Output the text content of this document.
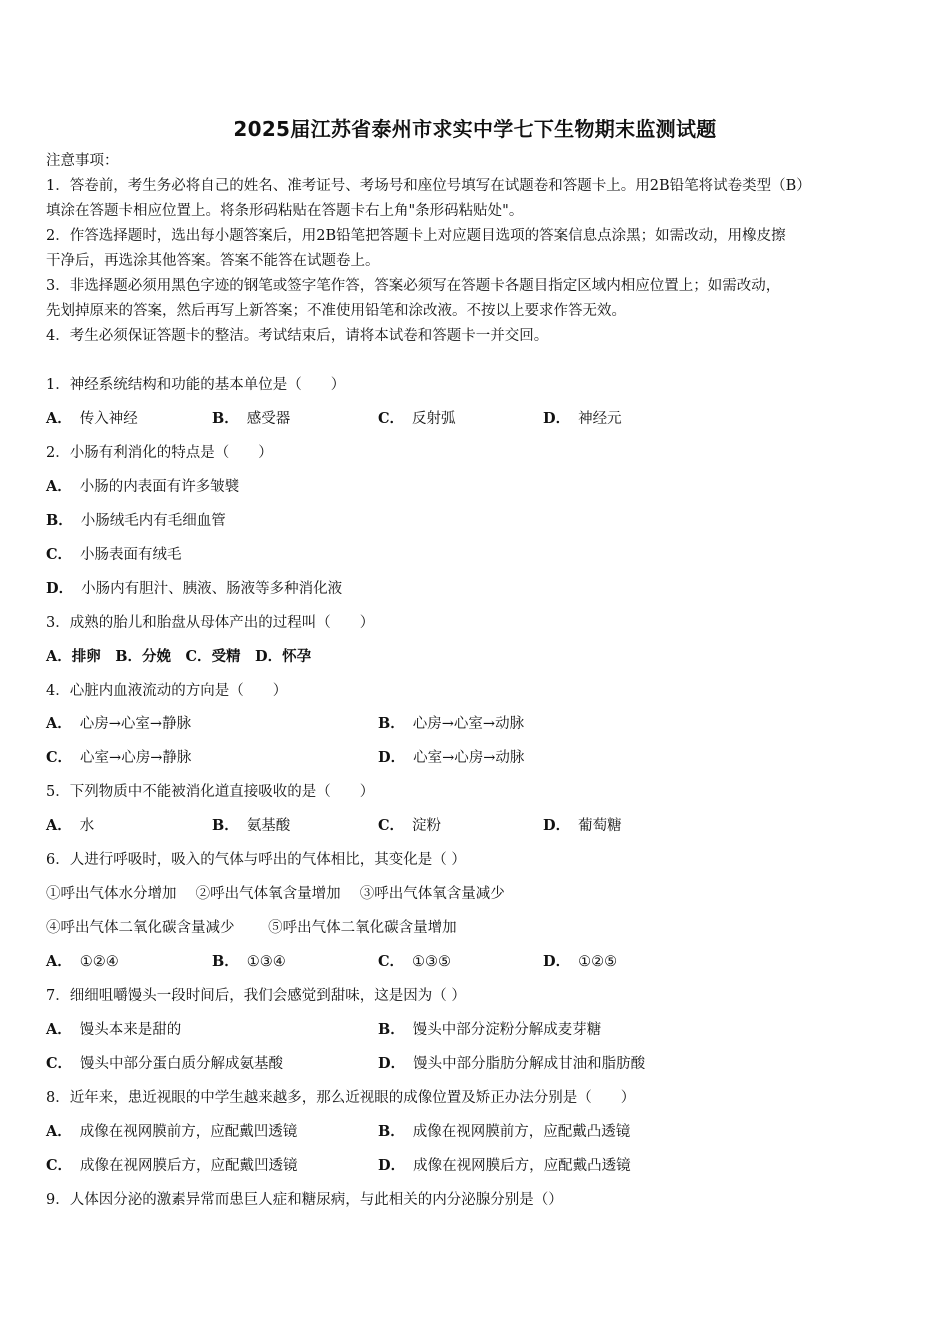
2025届江苏省泰州市求实中学七下生物期末监测试题
注意事项：
1．答卷前，考生务必将自己的姓名、准考证号、考场号和座位号填写在试题卷和答题卡上。用2B铅笔将试卷类型（B）
填涂在答题卡相应位置上。将条形码粘贴在答题卡右上角"条形码粘贴处"。
2．作答选择题时，选出每小题答案后，用2B铅笔把答题卡上对应题目选项的答案信息点涂黑；如需改动，用橡皮擦
干净后，再选涂其他答案。答案不能答在试题卷上。
3．非选择题必须用黑色字迹的钢笔或签字笔作答，答案必须写在答题卡各题目指定区域内相应位置上；如需改动，
先划掉原来的答案，然后再写上新答案；不准使用铅笔和涂改液。不按以上要求作答无效。
4．考生必须保证答题卡的整洁。考试结束后，请将本试卷和答题卡一并交回。
1．神经系统结构和功能的基本单位是（　　）
A． 传入神经	B． 感受器	C． 反射弧	D． 神经元
2．小肠有利消化的特点是（　　）
A． 小肠的内表面有许多皱襞
B． 小肠绒毛内有毛细血管
C． 小肠表面有绒毛
D． 小肠内有胆汁、胰液、肠液等多种消化液
3．成熟的胎儿和胎盘从母体产出的过程叫（　　）
A．排卵　B．分娩　C．受精　D．怀孕
4．心脏内血液流动的方向是（　　）
A． 心房→心室→静脉	B． 心房→心室→动脉
C． 心室→心房→静脉	D． 心室→心房→动脉
5．下列物质中不能被消化道直接吸收的是（　　）
A． 水	B． 氨基酸	C． 淀粉	D． 葡萄糖
6．人进行呼吸时，吸入的气体与呼出的气体相比，其变化是（ ）
①呼出气体水分增加　 ②呼出气体氧含量增加　 ③呼出气体氧含量减少
④呼出气体二氧化碳含量减少　　 ⑤呼出气体二氧化碳含量增加
A． ①②④	B． ①③④	C． ①③⑤	D． ①②⑤
7．细细咀嚼馒头一段时间后，我们会感觉到甜味，这是因为（ ）
A． 馒头本来是甜的	B． 馒头中部分淀粉分解成麦芽糖
C． 馒头中部分蛋白质分解成氨基酸	D． 馒头中部分脂肪分解成甘油和脂肪酸
8．近年来，患近视眼的中学生越来越多，那么近视眼的成像位置及矫正办法分别是（　　）
A． 成像在视网膜前方，应配戴凹透镜	B． 成像在视网膜前方，应配戴凸透镜
C． 成像在视网膜后方，应配戴凹透镜	D． 成像在视网膜后方，应配戴凸透镜
9．人体因分泌的激素异常而患巨人症和糖尿病，与此相关的内分泌腺分别是（）
